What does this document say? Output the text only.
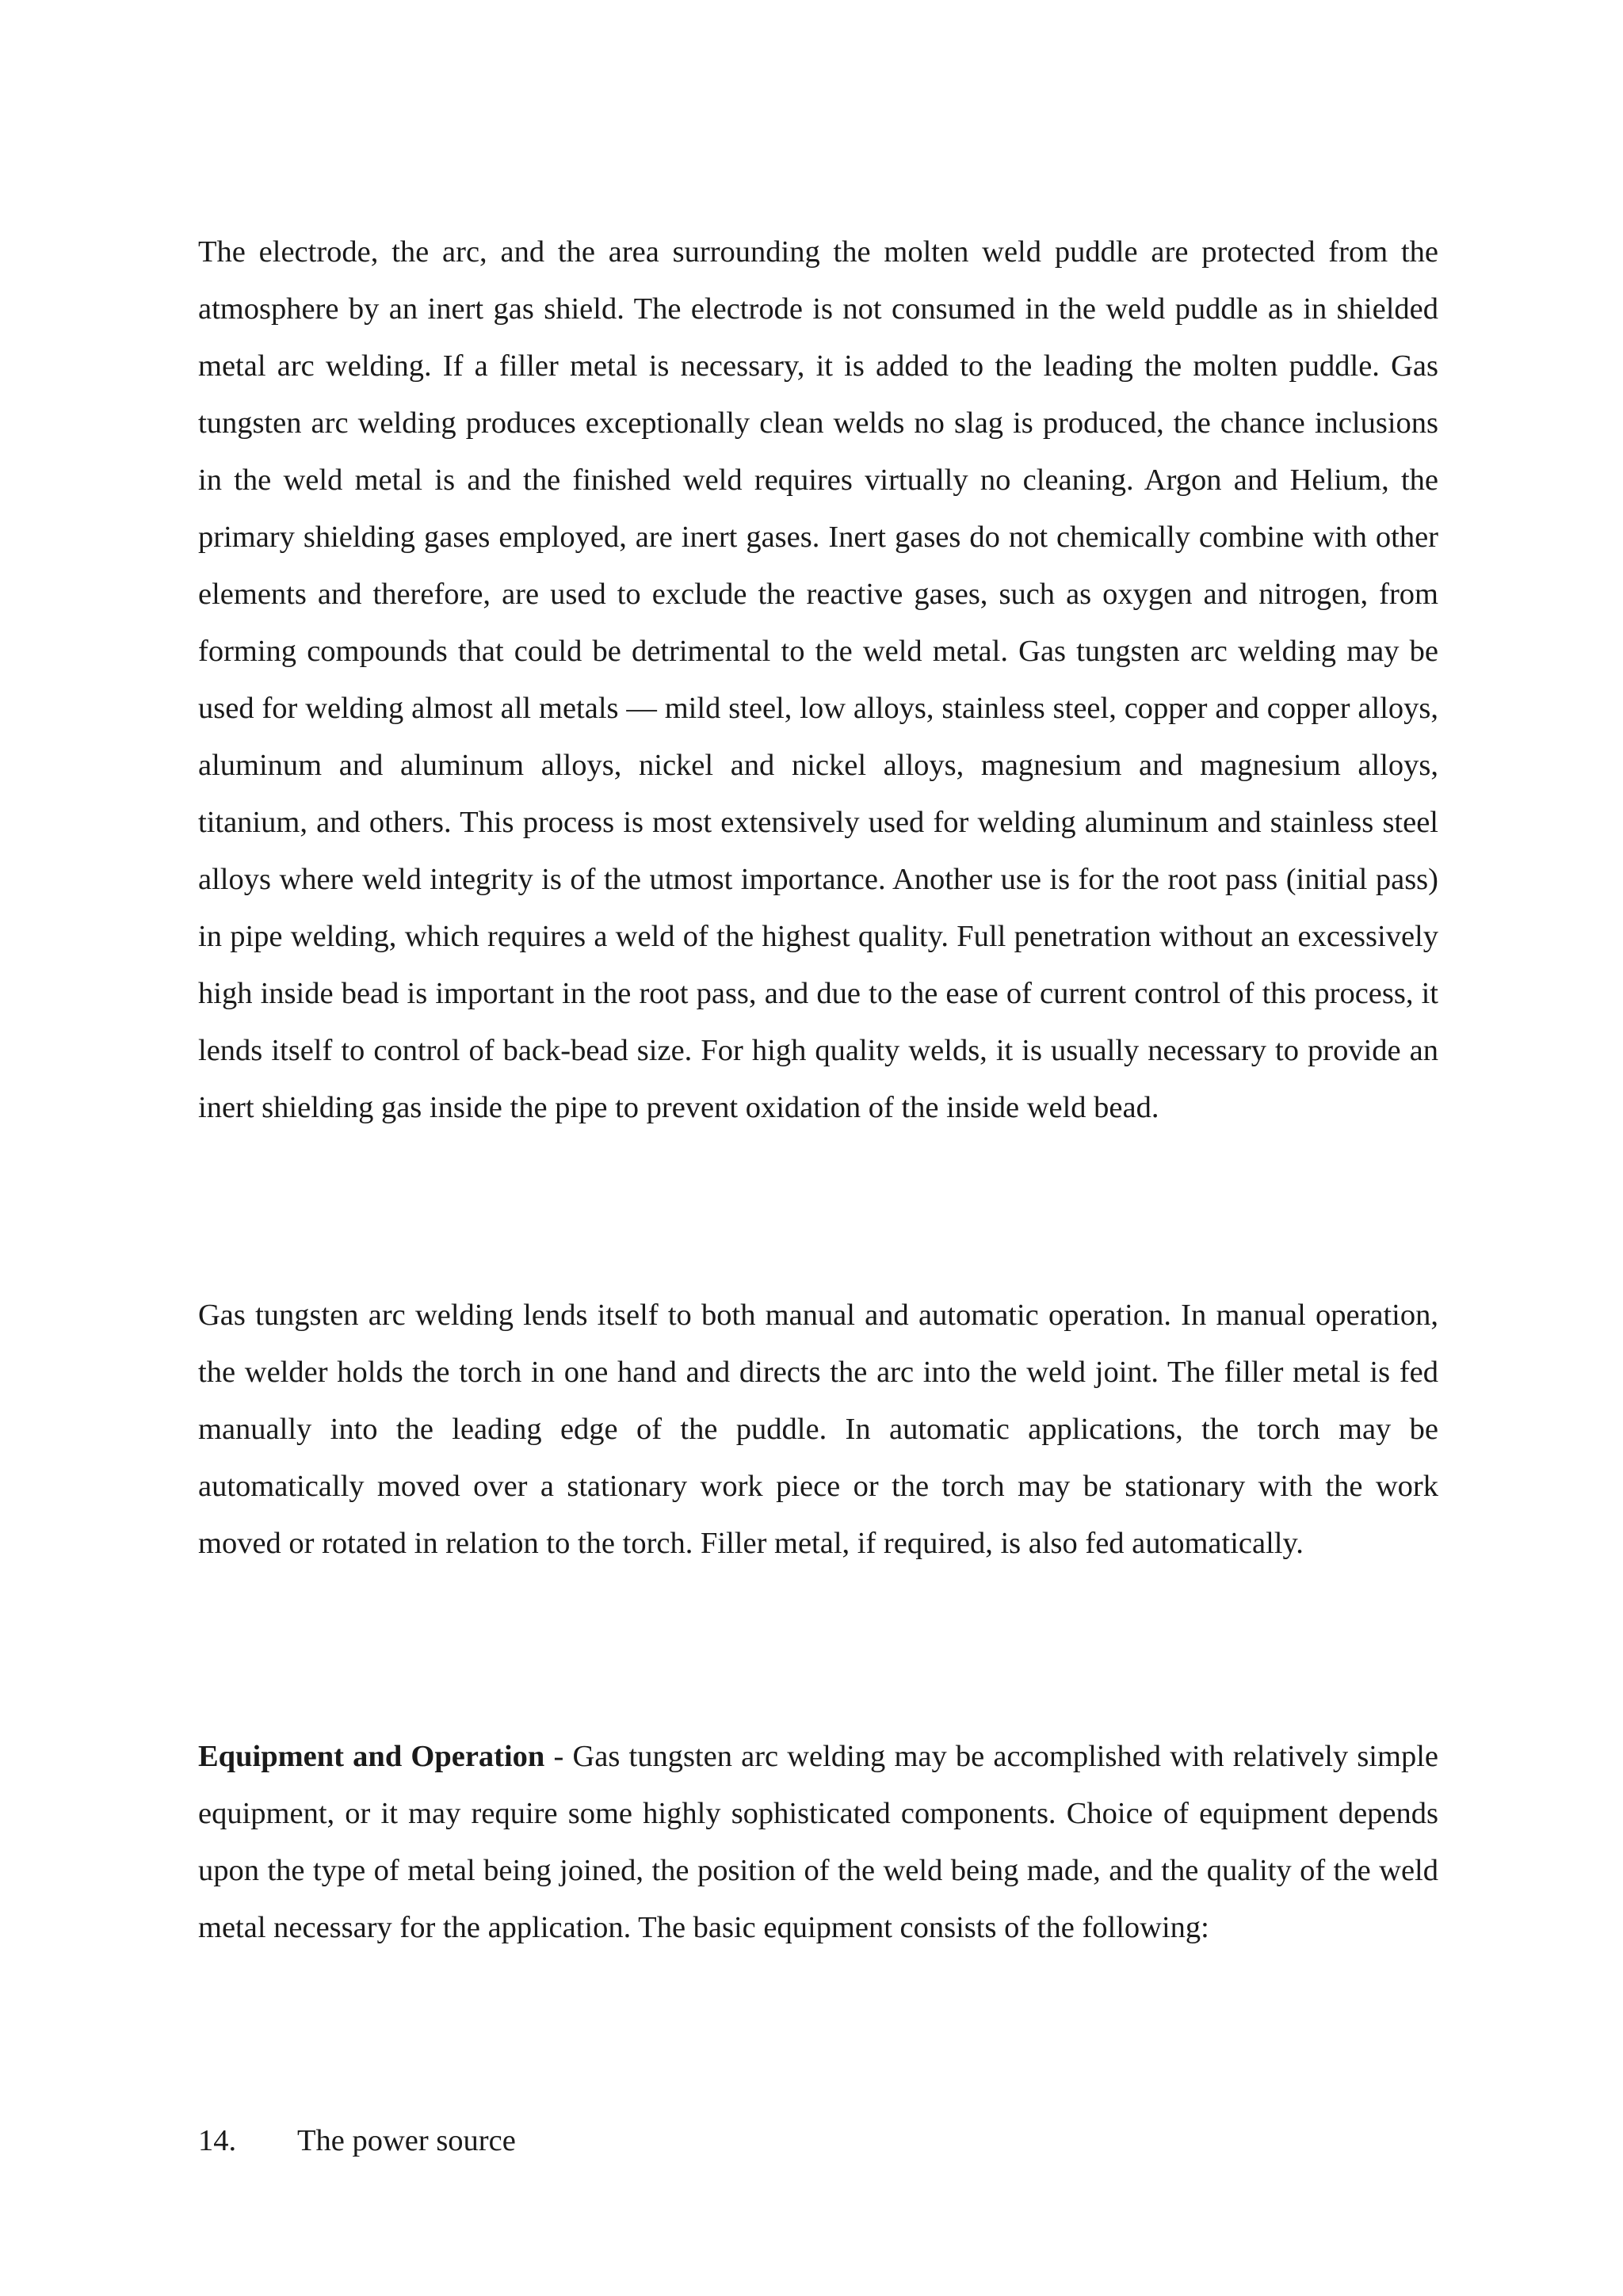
The electrode, the arc, and the area surrounding the molten weld puddle are protected from the atmosphere by an inert gas shield. The electrode is not consumed in the weld puddle as in shielded metal arc welding. If a filler metal is necessary, it is added to the leading the molten puddle. Gas tungsten arc welding produces exceptionally clean welds no slag is produced, the chance inclusions in the weld metal is and the finished weld requires virtually no cleaning. Argon and Helium, the primary shielding gases employed, are inert gases. Inert gases do not chemically combine with other elements and therefore, are used to exclude the reactive gases, such as oxygen and nitrogen, from forming compounds that could be detrimental to the weld metal. Gas tungsten arc welding may be used for welding almost all metals — mild steel, low alloys, stainless steel, copper and copper alloys, aluminum and aluminum alloys, nickel and nickel alloys, magnesium and magnesium alloys, titanium, and others. This process is most extensively used for welding aluminum and stainless steel alloys where weld integrity is of the utmost importance. Another use is for the root pass (initial pass) in pipe welding, which requires a weld of the highest quality. Full penetration without an excessively high inside bead is important in the root pass, and due to the ease of current control of this process, it lends itself to control of back-bead size. For high quality welds, it is usually necessary to provide an inert shielding gas inside the pipe to prevent oxidation of the inside weld bead.

Gas tungsten arc welding lends itself to both manual and automatic operation. In manual operation, the welder holds the torch in one hand and directs the arc into the weld joint. The filler metal is fed manually into the leading edge of the puddle. In automatic applications, the torch may be automatically moved over a stationary work piece or the torch may be stationary with the work moved or rotated in relation to the torch. Filler metal, if required, is also fed automatically.

Equipment and Operation - Gas tungsten arc welding may be accomplished with relatively simple equipment, or it may require some highly sophisticated components. Choice of equipment depends upon the type of metal being joined, the position of the weld being made, and the quality of the weld metal necessary for the application. The basic equipment consists of the following:

14. The power source
